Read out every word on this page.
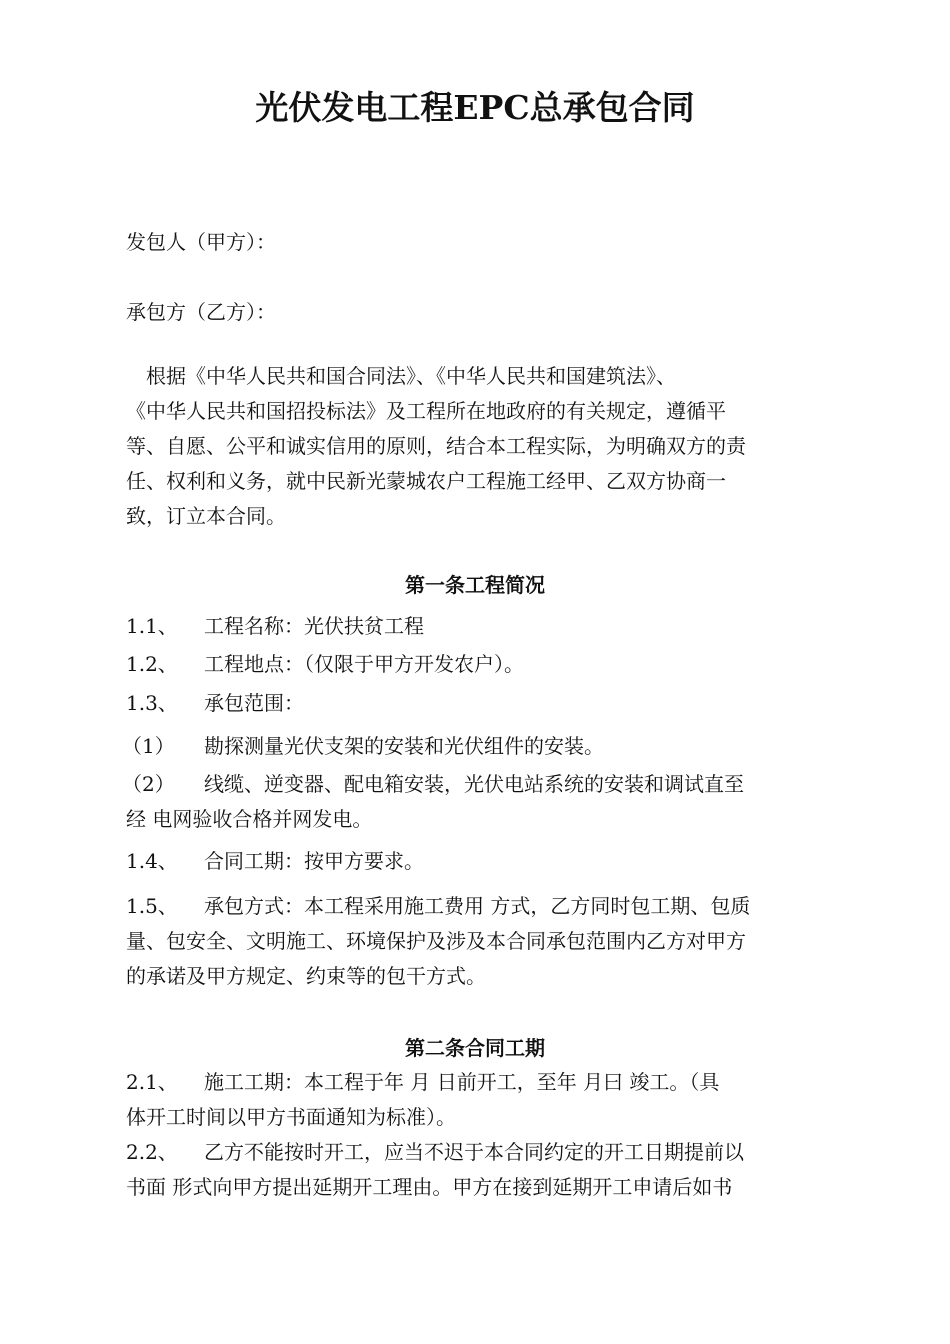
光伏发电工程EPC总承包合同
发包人（甲方）：
承包方（乙方）：
　根据《中华人民共和国合同法》、《中华人民共和国建筑法》、
《中华人民共和国招投标法》及工程所在地政府的有关规定，遵循平
等、自愿、公平和诚实信用的原则，结合本工程实际，为明确双方的责
任、权利和义务，就中民新光蒙城农户工程施工经甲、乙双方协商一
致，订立本合同。
第一条工程简况
1.1、 工程名称：光伏扶贫工程
1.2、 工程地点：（仅限于甲方开发农户）。
1.3、 承包范围：
（1） 勘探测量光伏支架的安装和光伏组件的安装。
（2） 线缆、逆变器、配电箱安装，光伏电站系统的安装和调试直至
经 电网验收合格并网发电。
1.4、 合同工期：按甲方要求。
1.5、 承包方式：本工程采用施工费用 方式，乙方同时包工期、包质
量、包安全、文明施工、环境保护及涉及本合同承包范围内乙方对甲方
的承诺及甲方规定、约束等的包干方式。
第二条合同工期
2.1、 施工工期：本工程于年 月 日前开工，至年 月曰 竣工。（具
体开工时间以甲方书面通知为标准）。
2.2、 乙方不能按时开工，应当不迟于本合同约定的开工日期提前以
书面 形式向甲方提出延期开工理由。甲方在接到延期开工申请后如书
